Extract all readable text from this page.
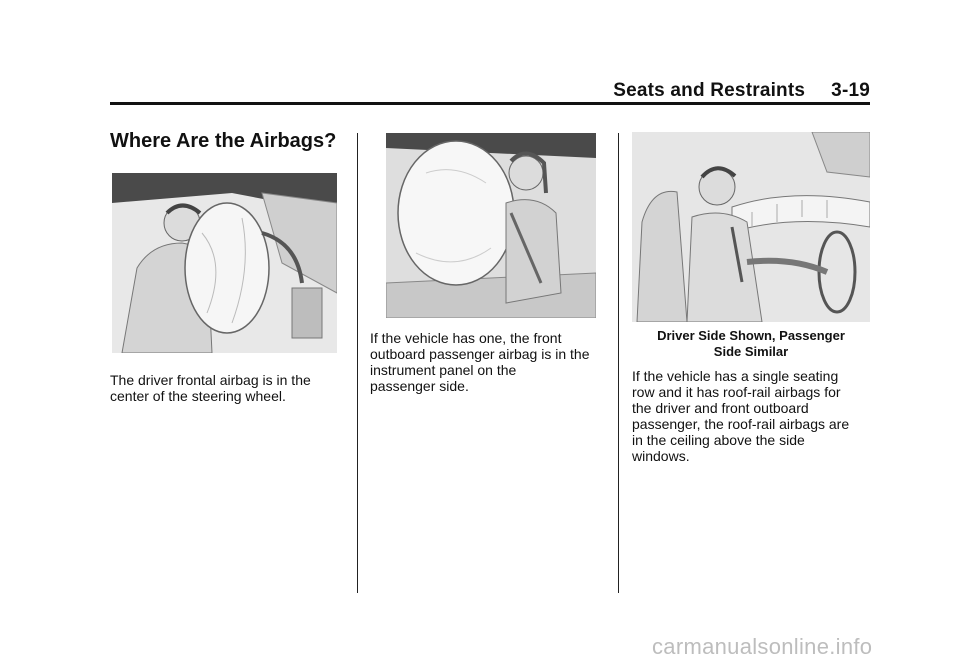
Seats and Restraints 3-19
Where Are the Airbags?
The driver frontal airbag is in the
center of the steering wheel.
If the vehicle has one, the front
outboard passenger airbag is in the
instrument panel on the
passenger side.
Driver Side Shown, Passenger
Side Similar
If the vehicle has a single seating
row and it has roof-rail airbags for
the driver and front outboard
passenger, the roof-rail airbags are
in the ceiling above the side
windows.
carmanualsonline.info
